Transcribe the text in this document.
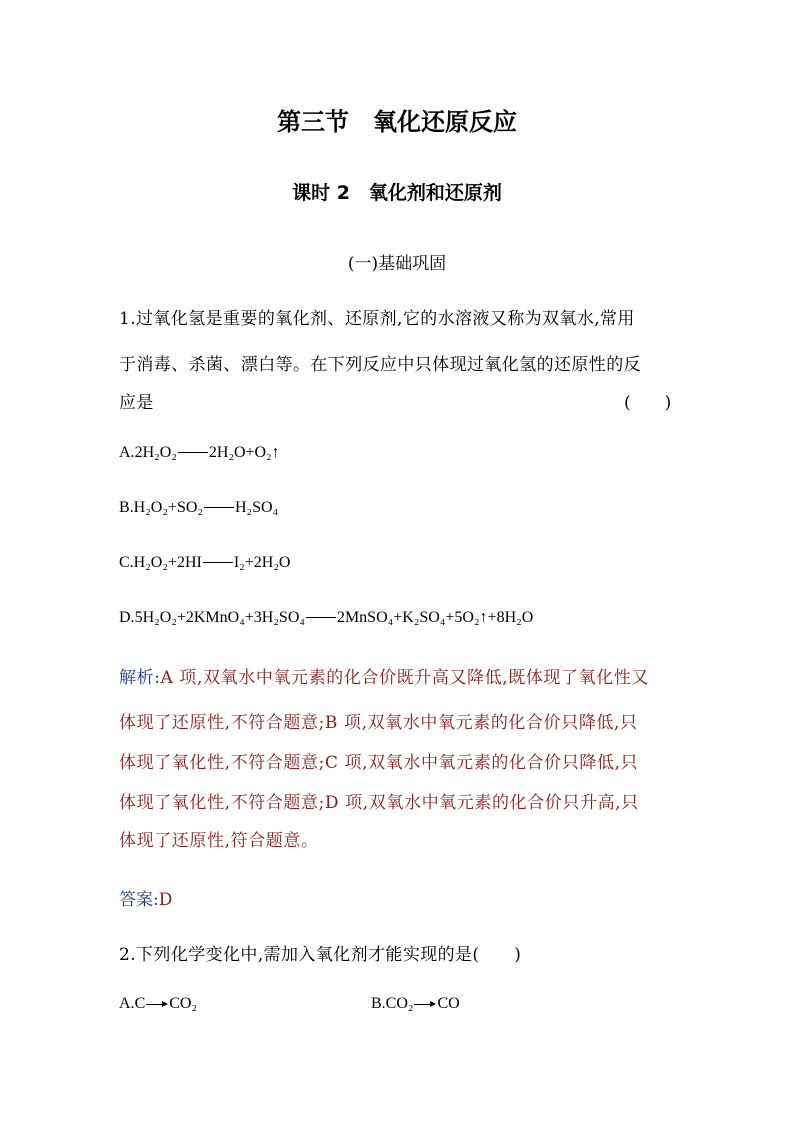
第三节　氧化还原反应
课时 2　氧化剂和还原剂
(一)基础巩固
1.过氧化氢是重要的氧化剂、还原剂,它的水溶液又称为双氧水,常用
于消毒、杀菌、漂白等。在下列反应中只体现过氧化氢的还原性的反
应是	(　　)
A.2H₂O₂ 2H₂O+O₂↑
B.H₂O₂+SO₂ H₂SO₄
C.H₂O₂+2HI I₂+2H₂O
D.5H₂O₂+2KMnO₄+3H₂SO₄ 2MnSO₄+K₂SO₄+5O₂↑+8H₂O
解析:A 项,双氧水中氧元素的化合价既升高又降低,既体现了氧化性又
体现了还原性,不符合题意;B 项,双氧水中氧元素的化合价只降低,只
体现了氧化性,不符合题意;C 项,双氧水中氧元素的化合价只降低,只
体现了氧化性,不符合题意;D 项,双氧水中氧元素的化合价只升高,只
体现了还原性,符合题意。
答案:D
2.下列化学变化中,需加入氧化剂才能实现的是(　　)
A.C CO₂	B.CO₂ CO
